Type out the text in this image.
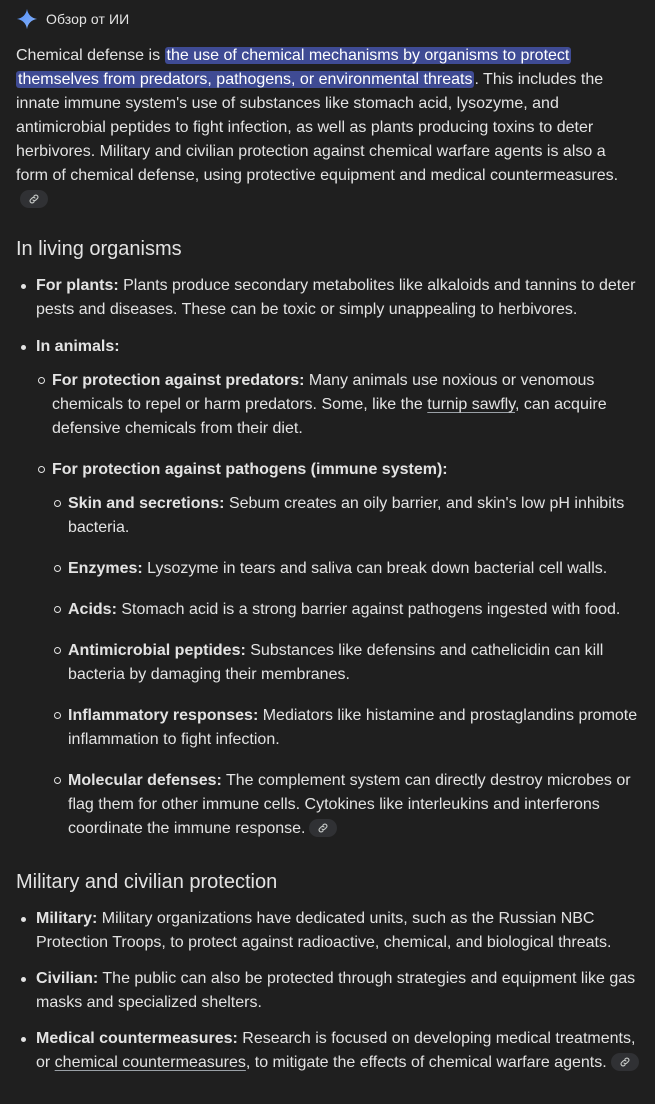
Обзор от ИИ

Chemical defense is the use of chemical mechanisms by organisms to protect themselves from predators, pathogens, or environmental threats . This includes the innate immune system's use of substances like stomach acid, lysozyme, and antimicrobial peptides to fight infection, as well as plants producing toxins to deter herbivores. Military and civilian protection against chemical warfare agents is also a form of chemical defense, using protective equipment and medical countermeasures.

In living organisms
For plants: Plants produce secondary metabolites like alkaloids and tannins to deter pests and diseases. These can be toxic or simply unappealing to herbivores.
In animals:
For protection against predators: Many animals use noxious or venomous chemicals to repel or harm predators. Some, like the turnip sawfly, can acquire defensive chemicals from their diet.
For protection against pathogens (immune system):
Skin and secretions: Sebum creates an oily barrier, and skin's low pH inhibits bacteria.
Enzymes: Lysozyme in tears and saliva can break down bacterial cell walls.
Acids: Stomach acid is a strong barrier against pathogens ingested with food.
Antimicrobial peptides: Substances like defensins and cathelicidin can kill bacteria by damaging their membranes.
Inflammatory responses: Mediators like histamine and prostaglandins promote inflammation to fight infection.
Molecular defenses: The complement system can directly destroy microbes or flag them for other immune cells. Cytokines like interleukins and interferons coordinate the immune response.
Military and civilian protection
Military: Military organizations have dedicated units, such as the Russian NBC Protection Troops, to protect against radioactive, chemical, and biological threats.
Civilian: The public can also be protected through strategies and equipment like gas masks and specialized shelters.
Medical countermeasures: Research is focused on developing medical treatments, or chemical countermeasures, to mitigate the effects of chemical warfare agents.
